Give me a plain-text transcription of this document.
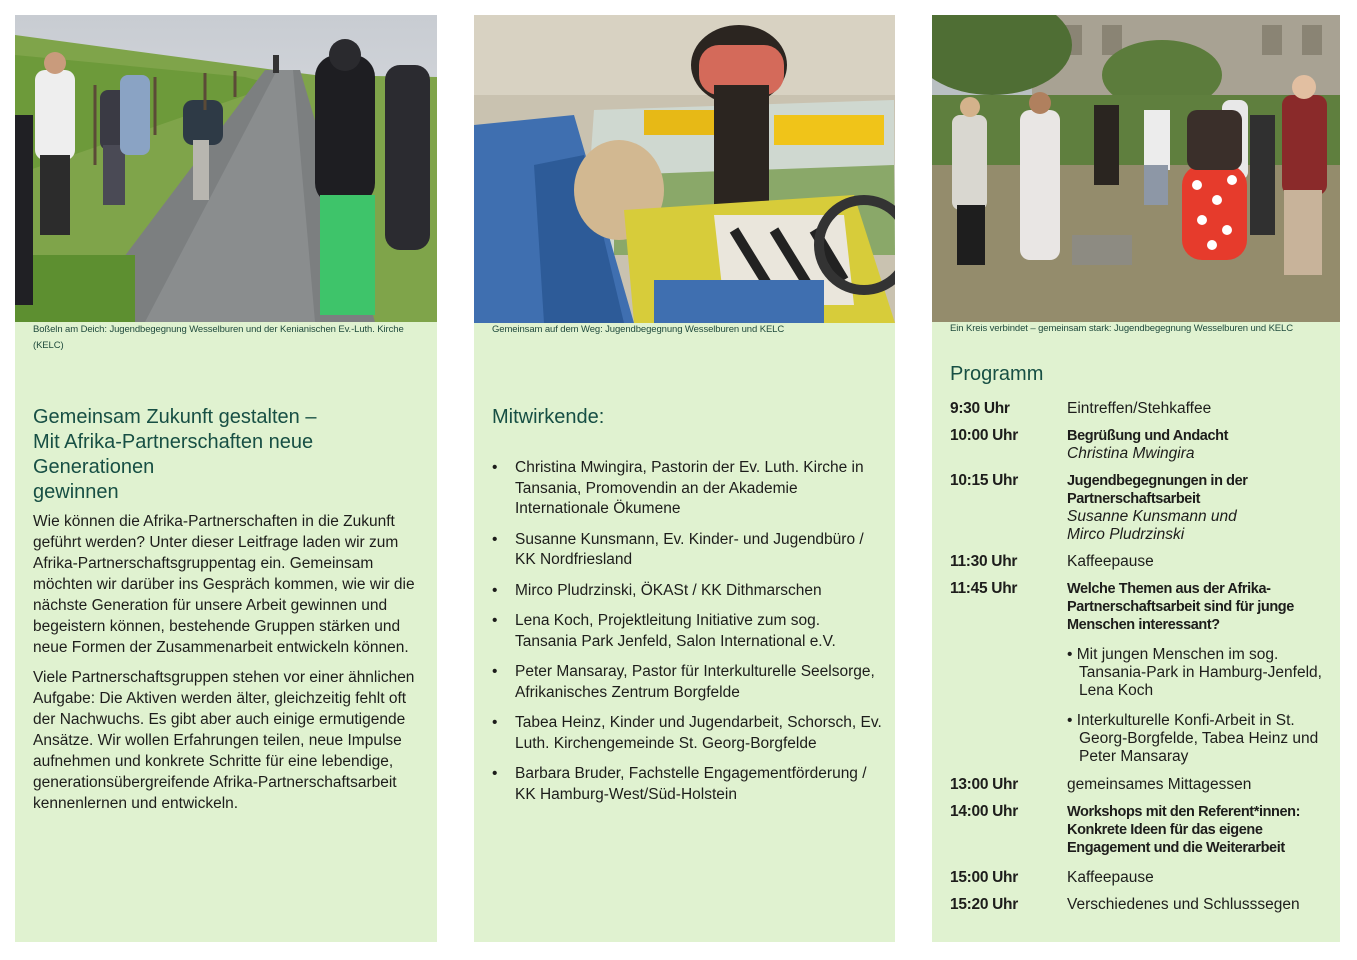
Boßeln am Deich: Jugendbegegnung Wesselburen und der Kenianischen Ev.-Luth. Kirche (KELC)
Gemeinsam Zukunft gestalten –
Mit Afrika-Partnerschaften neue Generationen
gewinnen

Wie können die Afrika-Partnerschaften in die Zukunft geführt werden? Unter dieser Leitfrage laden wir zum Afrika-Partnerschaftsgruppentag ein. Gemeinsam möchten wir darüber ins Gespräch kommen, wie wir die nächste Generation für unsere Arbeit gewinnen und begeistern können, bestehende Gruppen stärken und neue Formen der Zusammenarbeit entwickeln können.

Viele Partnerschaftsgruppen stehen vor einer ähnlichen Aufgabe: Die Aktiven werden älter, gleichzeitig fehlt oft der Nachwuchs. Es gibt aber auch einige ermutigende Ansätze. Wir wollen Erfahrungen teilen, neue Impulse aufnehmen und konkrete Schritte für eine lebendige, generationsübergreifende Afrika-Partnerschaftsarbeit kennenlernen und entwickeln.

Gemeinsam auf dem Weg: Jugendbegegnung Wesselburen und KELC
Mitwirkende:
• Christina Mwingira, Pastorin der Ev. Luth. Kirche in Tansania, Promovendin an der Akademie Internationale Ökumene
• Susanne Kunsmann, Ev. Kinder- und Jugendbüro / KK Nordfriesland
• Mirco Pludrzinski, ÖKASt / KK Dithmarschen
• Lena Koch, Projektleitung Initiative zum sog. Tansania Park Jenfeld, Salon International e.V.
• Peter Mansaray, Pastor für Interkulturelle Seelsorge, Afrikanisches Zentrum Borgfelde
• Tabea Heinz, Kinder und Jugendarbeit, Schorsch, Ev. Luth. Kirchengemeinde St. Georg-Borgfelde
• Barbara Bruder, Fachstelle Engagementförderung / KK Hamburg-West/Süd-Holstein
Ein Kreis verbindet – gemeinsam stark: Jugendbegegnung Wesselburen und KELC
Programm
9:30 Uhr	Eintreffen/Stehkaffee
10:00 Uhr	Begrüßung und Andacht
Christina Mwingira
10:15 Uhr	Jugendbegegnungen in der Partnerschaftsarbeit
Susanne Kunsmann und Mirco Pludrzinski
11:30 Uhr	Kaffeepause
11:45 Uhr	Welche Themen aus der Afrika-Partnerschaftsarbeit sind für junge Menschen interessant?
• Mit jungen Menschen im sog. Tansania-Park in Hamburg-Jenfeld, Lena Koch
• Interkulturelle Konfi-Arbeit in St. Georg-Borgfelde, Tabea Heinz und Peter Mansaray
13:00 Uhr	gemeinsames Mittagessen
14:00 Uhr	Workshops mit den Referent*innen: Konkrete Ideen für das eigene Engagement und die Weiterarbeit
15:00 Uhr	Kaffeepause
15:20 Uhr	Verschiedenes und Schlusssegen
